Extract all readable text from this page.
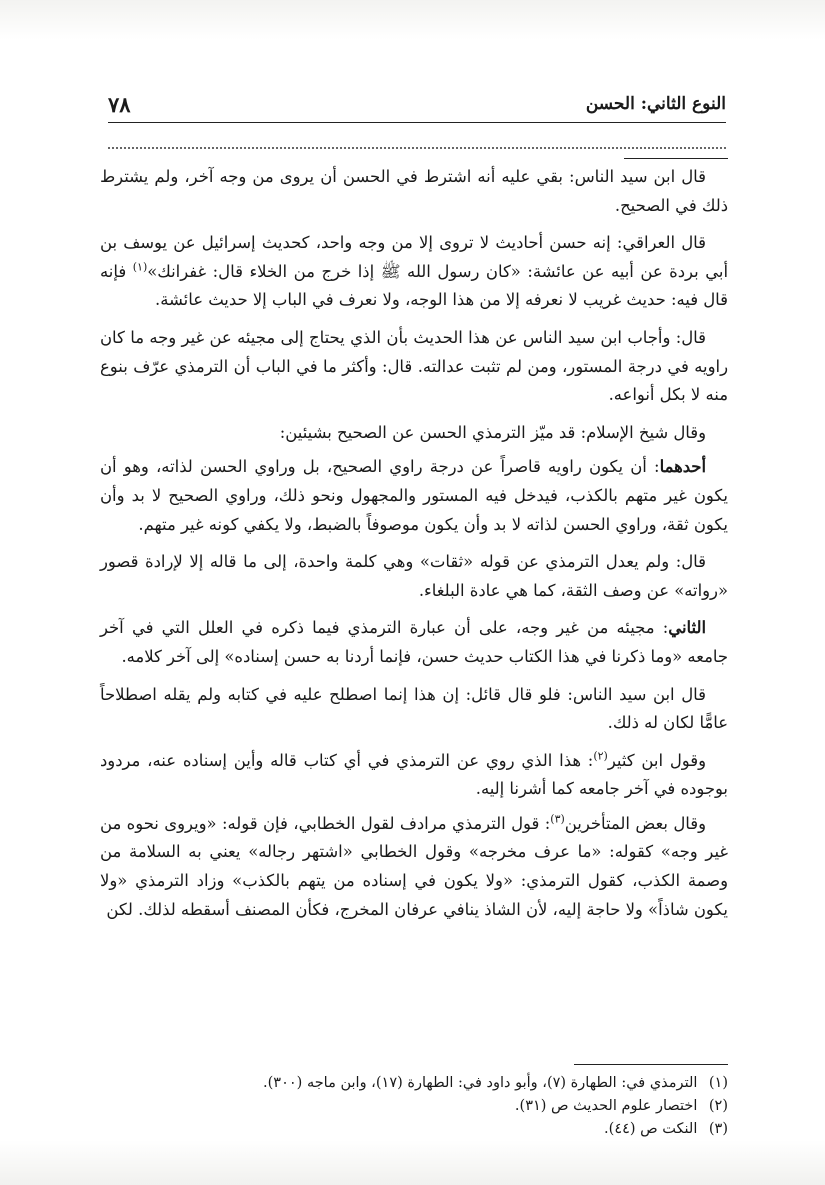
٧٨	النوع الثاني: الحسن

قال ابن سيد الناس: بقي عليه أنه اشترط في الحسن أن يروى من وجه آخر، ولم يشترط ذلك في الصحيح.

قال العراقي: إنه حسن أحاديث لا تروى إلا من وجه واحد، كحديث إسرائيل عن يوسف بن أبي بردة عن أبيه عن عائشة: «كان رسول الله ﷺ إذا خرج من الخلاء قال: غفرانك»$^{(١)}$ فإنه قال فيه: حديث غريب لا نعرفه إلا من هذا الوجه، ولا نعرف في الباب إلا حديث عائشة.

قال: وأجاب ابن سيد الناس عن هذا الحديث بأن الذي يحتاج إلى مجيئه عن غير وجه ما كان راويه في درجة المستور، ومن لم تثبت عدالته. قال: وأكثر ما في الباب أن الترمذي عرّف بنوع منه لا بكل أنواعه.

وقال شيخ الإسلام: قد ميّز الترمذي الحسن عن الصحيح بشيئين:

أحدهما: أن يكون راويه قاصراً عن درجة راوي الصحيح، بل وراوي الحسن لذاته، وهو أن يكون غير متهم بالكذب، فيدخل فيه المستور والمجهول ونحو ذلك، وراوي الصحيح لا بد وأن يكون ثقة، وراوي الحسن لذاته لا بد وأن يكون موصوفاً بالضبط، ولا يكفي كونه غير متهم.

قال: ولم يعدل الترمذي عن قوله «ثقات» وهي كلمة واحدة، إلى ما قاله إلا لإرادة قصور «رواته» عن وصف الثقة، كما هي عادة البلغاء.

الثاني: مجيئه من غير وجه، على أن عبارة الترمذي فيما ذكره في العلل التي في آخر جامعه «وما ذكرنا في هذا الكتاب حديث حسن، فإنما أردنا به حسن إسناده» إلى آخر كلامه.

قال ابن سيد الناس: فلو قال قائل: إن هذا إنما اصطلح عليه في كتابه ولم يقله اصطلاحاً عامًّا لكان له ذلك.

وقول ابن كثير$^{(٢)}$: هذا الذي روي عن الترمذي في أي كتاب قاله وأين إسناده عنه، مردود بوجوده في آخر جامعه كما أشرنا إليه.

وقال بعض المتأخرين$^{(٣)}$: قول الترمذي مرادف لقول الخطابي، فإن قوله: «ويروى نحوه من غير وجه» كقوله: «ما عرف مخرجه» وقول الخطابي «اشتهر رجاله» يعني به السلامة من وصمة الكذب، كقول الترمذي: «ولا يكون في إسناده من يتهم بالكذب» وزاد الترمذي «ولا يكون شاذاً» ولا حاجة إليه، لأن الشاذ ينافي عرفان المخرج، فكأن المصنف أسقطه لذلك. لكن

(١) الترمذي في: الطهارة (٧)، وأبو داود في: الطهارة (١٧)، وابن ماجه (٣٠٠).

(٢) اختصار علوم الحديث ص (٣١).

(٣) النكت ص (٤٤).
